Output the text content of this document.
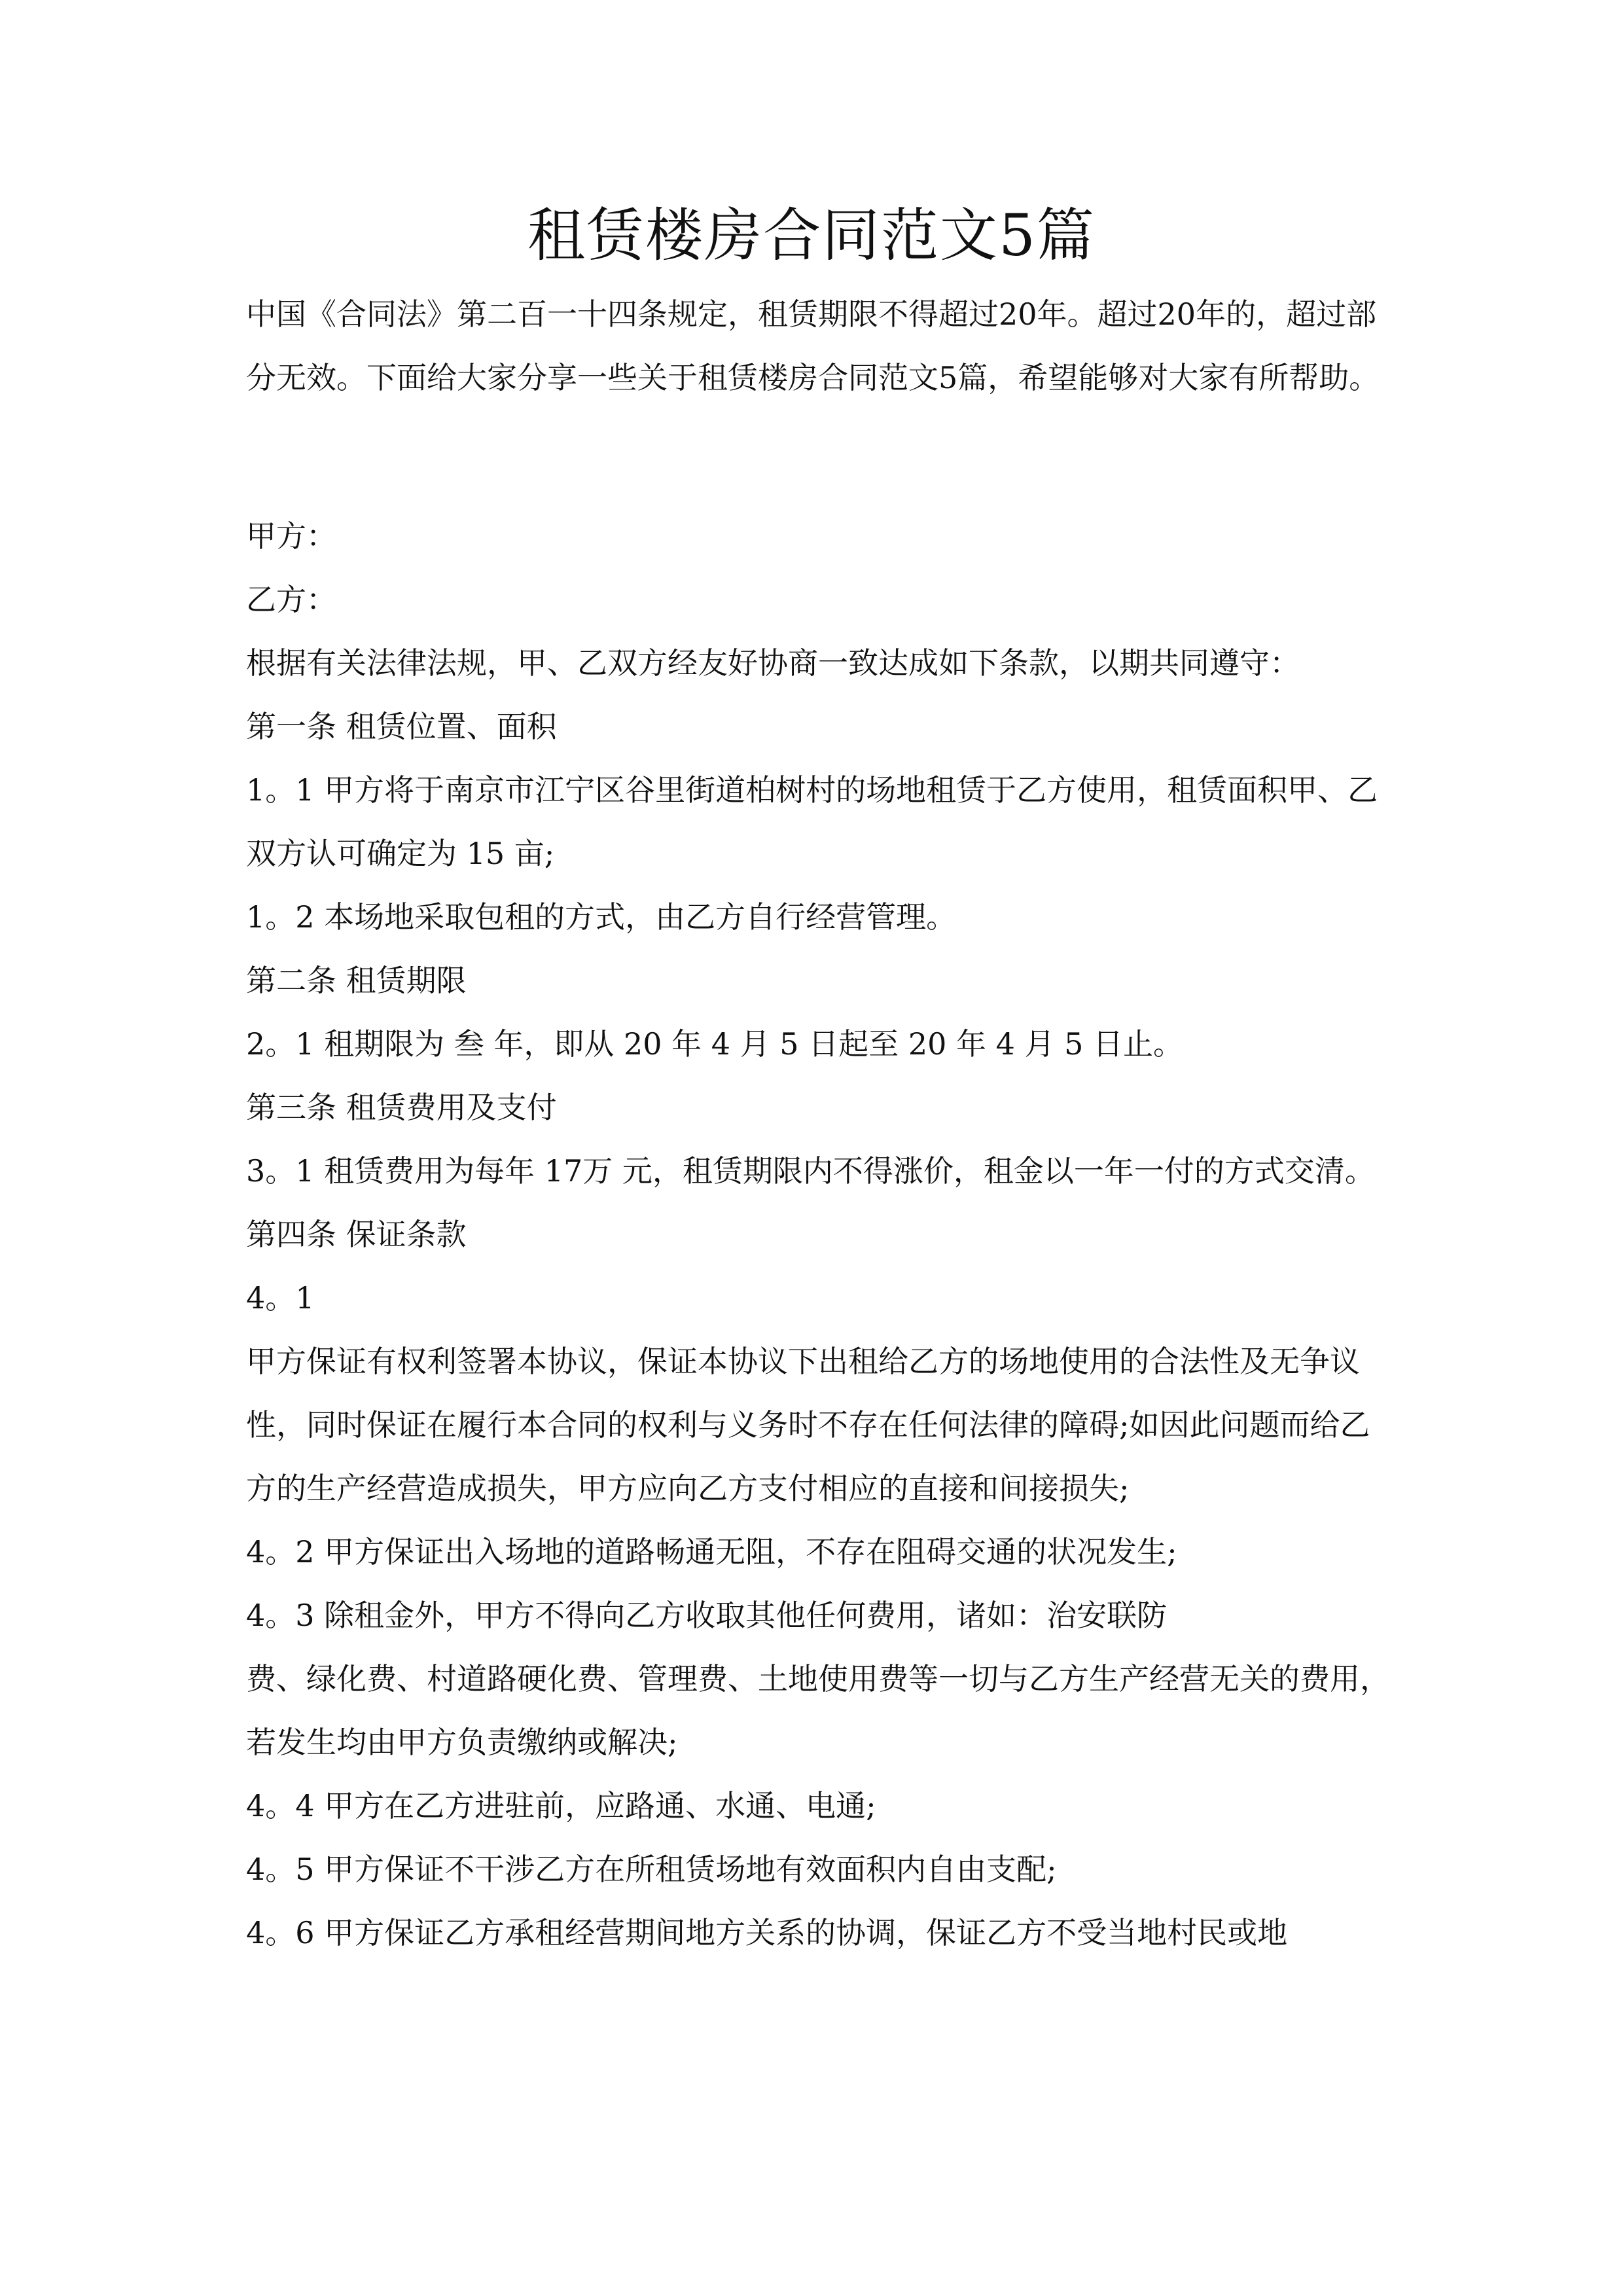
租赁楼房合同范文5篇

中国《合同法》第二百一十四条规定，租赁期限不得超过20年。超过20年的，超过部分无效。下面给大家分享一些关于租赁楼房合同范文5篇，希望能够对大家有所帮助。

甲方：

乙方：

根据有关法律法规，甲、乙双方经友好协商一致达成如下条款，以期共同遵守：

第一条 租赁位置、面积

1。1 甲方将于南京市江宁区谷里街道柏树村的场地租赁于乙方使用，租赁面积甲、乙双方认可确定为 15 亩;

1。2 本场地采取包租的方式，由乙方自行经营管理。

第二条 租赁期限

2。1 租期限为 叁 年，即从 20 年 4 月 5 日起至 20 年 4 月 5 日止。

第三条 租赁费用及支付

3。1 租赁费用为每年 17万 元，租赁期限内不得涨价，租金以一年一付的方式交清。

第四条 保证条款

4。1

甲方保证有权利签署本协议，保证本协议下出租给乙方的场地使用的合法性及无争议性，同时保证在履行本合同的权利与义务时不存在任何法律的障碍;如因此问题而给乙方的生产经营造成损失，甲方应向乙方支付相应的直接和间接损失;

4。2 甲方保证出入场地的道路畅通无阻，不存在阻碍交通的状况发生;

4。3 除租金外，甲方不得向乙方收取其他任何费用，诸如：治安联防

费、绿化费、村道路硬化费、管理费、土地使用费等一切与乙方生产经营无关的费用，若发生均由甲方负责缴纳或解决;

4。4 甲方在乙方进驻前，应路通、水通、电通;

4。5 甲方保证不干涉乙方在所租赁场地有效面积内自由支配;

4。6 甲方保证乙方承租经营期间地方关系的协调，保证乙方不受当地村民或地
